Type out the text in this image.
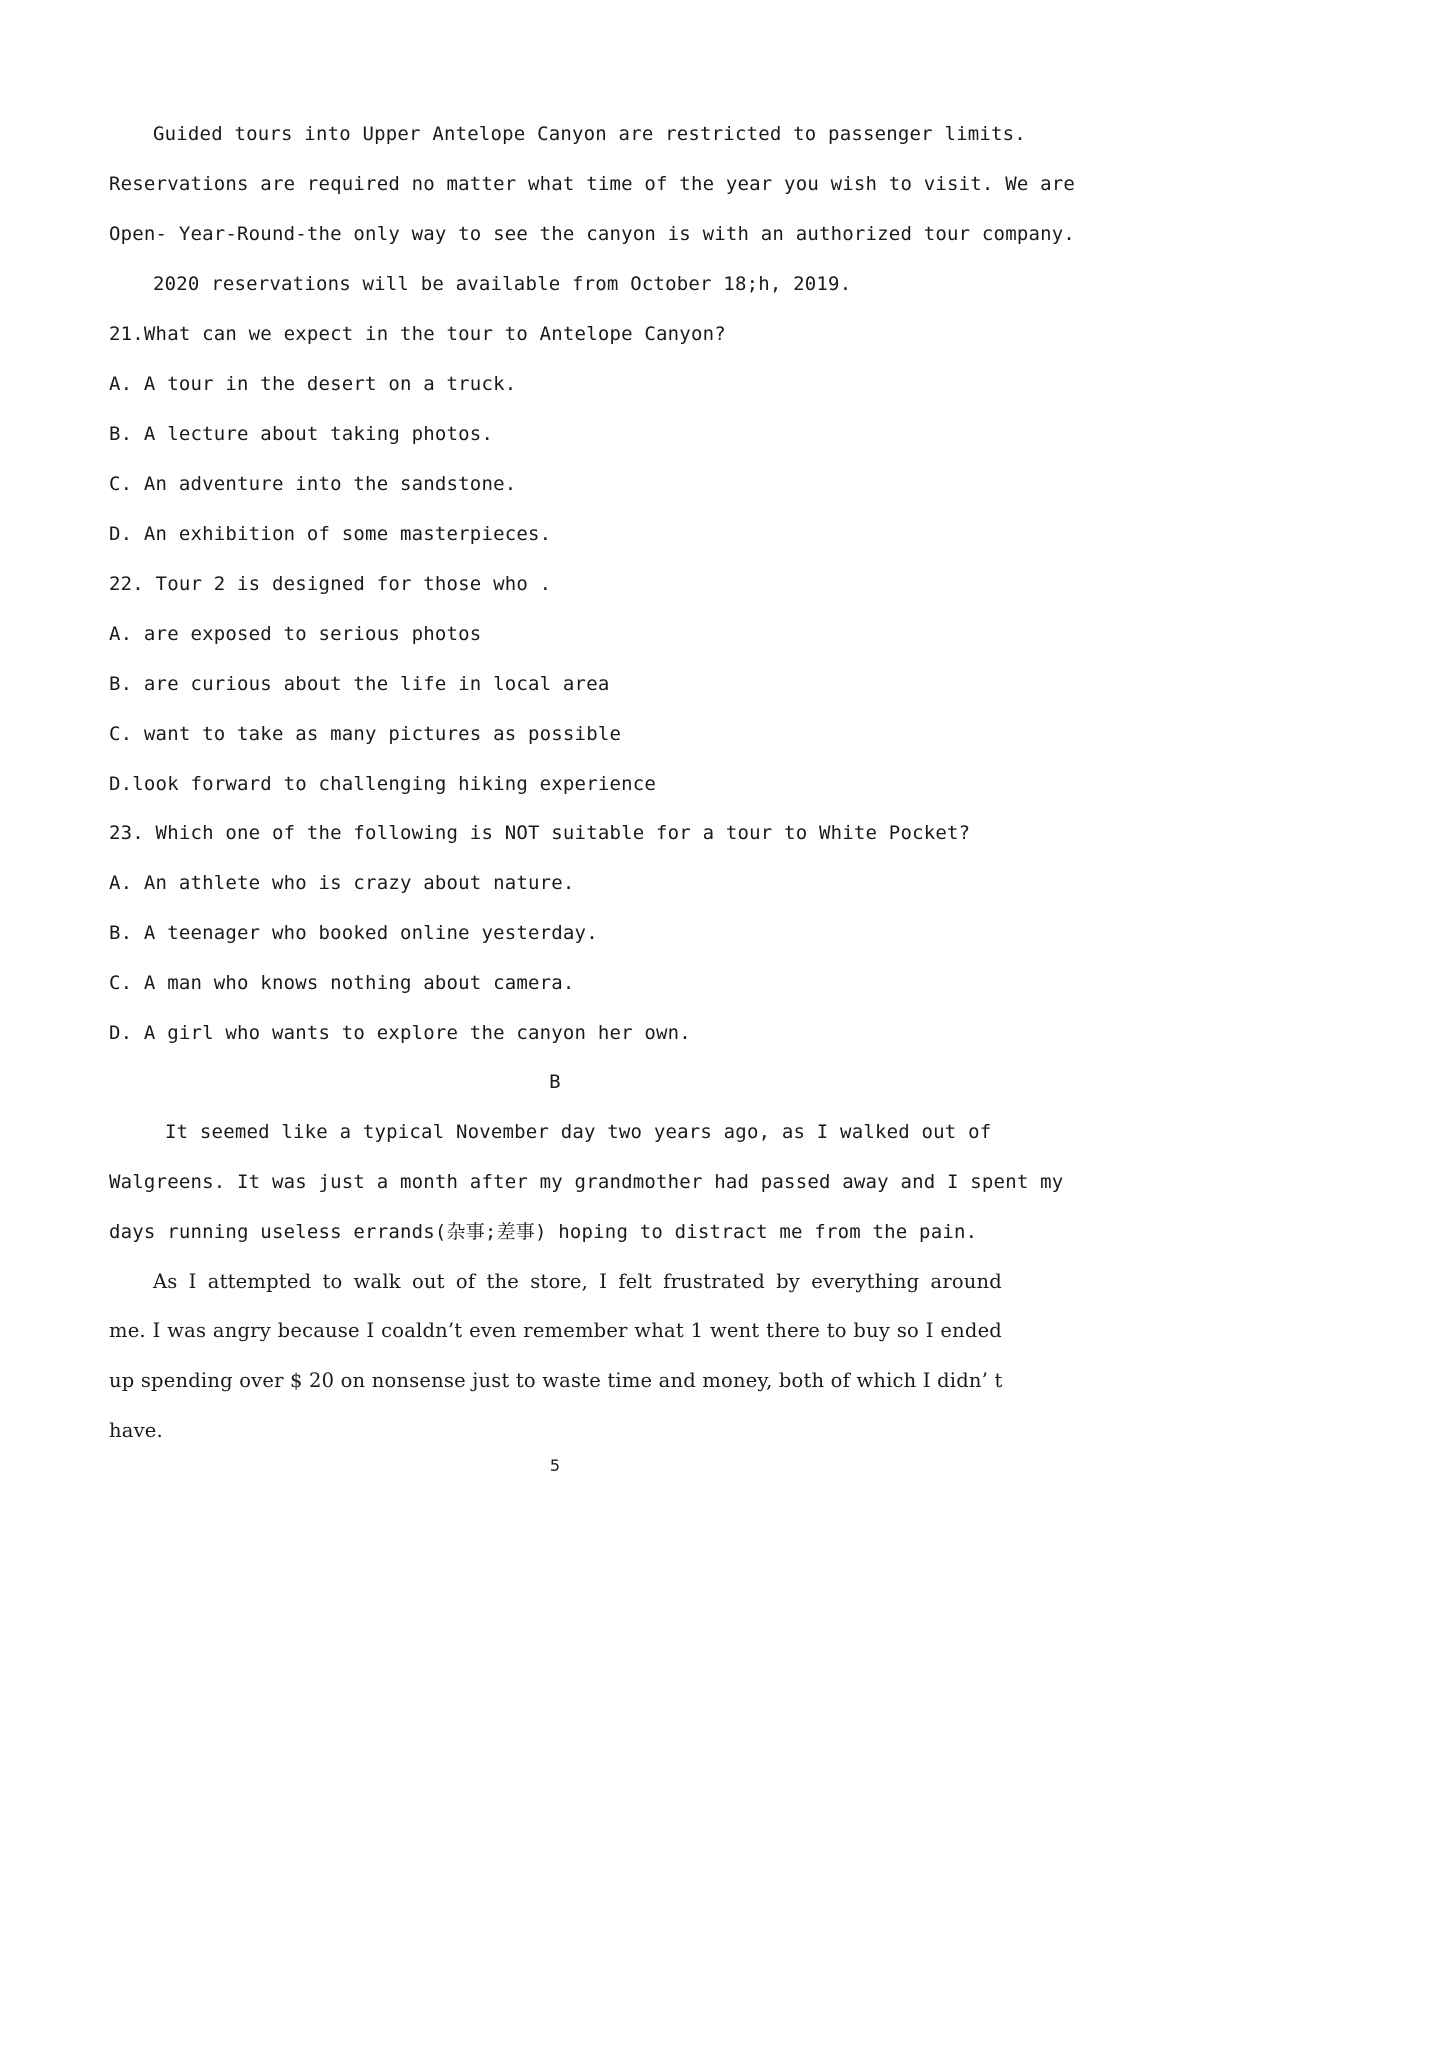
Guided tours into Upper Antelope Canyon are restricted to passenger limits.
Reservations are required no matter what time of the year you wish to visit. We are
Open- Year-Round-the only way to see the canyon is with an authorized tour company.
2020 reservations will be available from October 18;h, 2019.
21.What can we expect in the tour to Antelope Canyon?
A. A tour in the desert on a truck.
B. A lecture about taking photos.
C. An adventure into the sandstone.
D. An exhibition of some masterpieces.
22. Tour 2 is designed for those who .
A. are exposed to serious photos
B. are curious about the life in local area
C. want to take as many pictures as possible
D.look forward to challenging hiking experience
23. Which one of the following is NOT suitable for a tour to White Pocket?
A. An athlete who is crazy about nature.
B. A teenager who booked online yesterday.
C. A man who knows nothing about camera.
D. A girl who wants to explore the canyon her own.
B
It seemed like a typical November day two years ago, as I walked out of
Walgreens. It was just a month after my grandmother had passed away and I spent my
days running useless errands(杂事;差事) hoping to distract me from the pain.
As I attempted to walk out of the store, I felt frustrated by everything around
me. I was angry because I coaldn’t even remember what 1 went there to buy so I ended
up spending over $ 20 on nonsense just to waste time and money, both of which I didn’ t
have.
5
